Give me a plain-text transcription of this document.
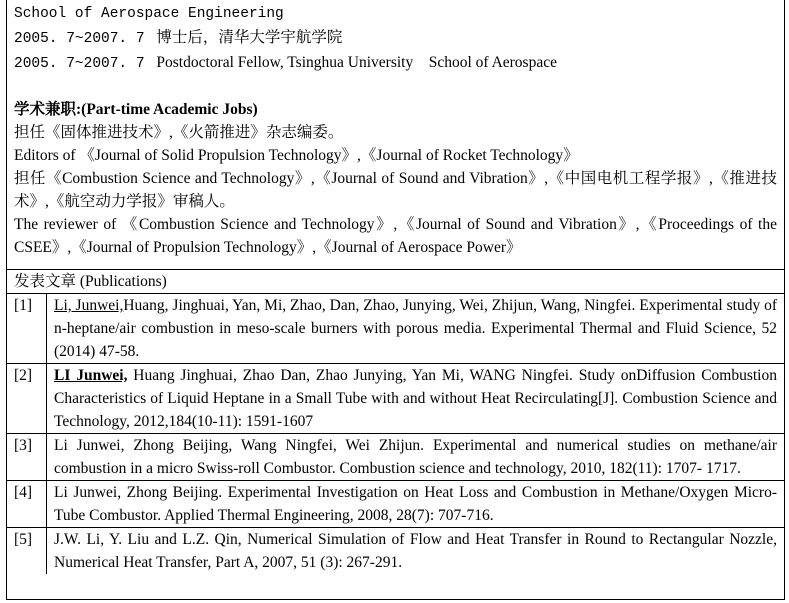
School of Aerospace Engineering
2005. 7~2007. 7 博士后，清华大学宇航学院
2005. 7~2007. 7 Postdoctoral Fellow, Tsinghua University    School of Aerospace
学术兼职:(Part-time Academic Jobs)
担任《固体推进技术》,《火箭推进》杂志编委。
Editors of 《Journal of Solid Propulsion Technology》,《Journal of Rocket Technology》
担任《Combustion Science and Technology》,《Journal of Sound and Vibration》,《中国电机工程学报》,《推进技术》,《航空动力学报》审稿人。
The reviewer of 《Combustion Science and Technology》,《Journal of Sound and Vibration》,《Proceedings of the CSEE》,《Journal of Propulsion Technology》,《Journal of Aerospace Power》
发表文章 (Publications)
[1]	Li, Junwei,Huang, Jinghuai, Yan, Mi, Zhao, Dan, Zhao, Junying, Wei, Zhijun, Wang, Ningfei. Experimental study of n-heptane/air combustion in meso-scale burners with porous media. Experimental Thermal and Fluid Science, 52 (2014) 47-58.
[2]	LI Junwei, Huang Jinghuai, Zhao Dan, Zhao Junying, Yan Mi, WANG Ningfei. Study onDiffusion Combustion Characteristics of Liquid Heptane in a Small Tube with and without Heat Recirculating[J]. Combustion Science and Technology, 2012,184(10-11): 1591-1607
[3]	Li Junwei, Zhong Beijing, Wang Ningfei, Wei Zhijun. Experimental and numerical studies on methane/air combustion in a micro Swiss-roll Combustor. Combustion science and technology, 2010, 182(11): 1707- 1717.
[4]	Li Junwei, Zhong Beijing. Experimental Investigation on Heat Loss and Combustion in Methane/Oxygen Micro-Tube Combustor. Applied Thermal Engineering, 2008, 28(7): 707-716.
[5]	J.W. Li, Y. Liu and L.Z. Qin, Numerical Simulation of Flow and Heat Transfer in Round to Rectangular Nozzle, Numerical Heat Transfer, Part A, 2007, 51 (3): 267-291.
